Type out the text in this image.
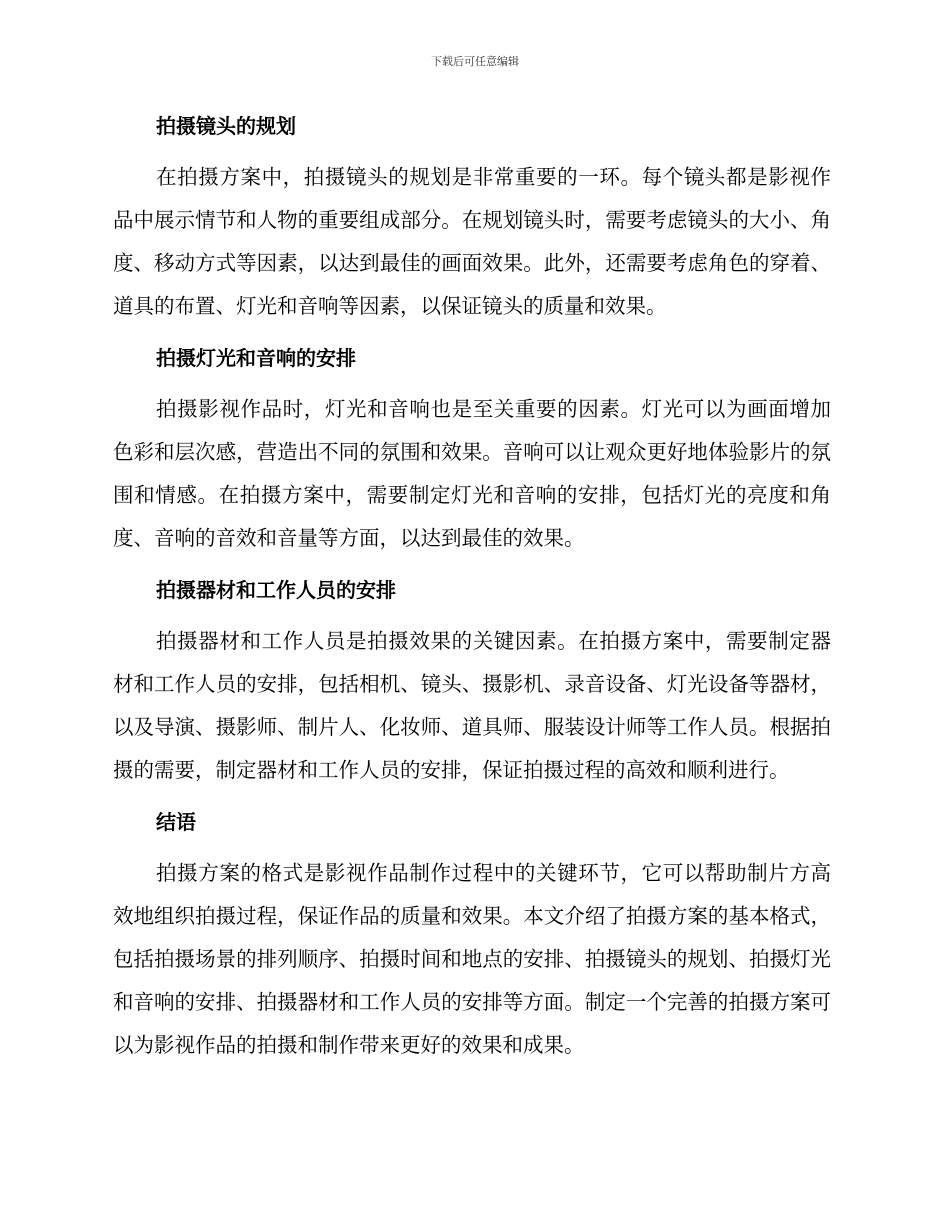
下载后可任意编辑
拍摄镜头的规划

在拍摄方案中，拍摄镜头的规划是非常重要的一环。每个镜头都是影视作品中展示情节和人物的重要组成部分。在规划镜头时，需要考虑镜头的大小、角度、移动方式等因素，以达到最佳的画面效果。此外，还需要考虑角色的穿着、道具的布置、灯光和音响等因素，以保证镜头的质量和效果。

拍摄灯光和音响的安排

拍摄影视作品时，灯光和音响也是至关重要的因素。灯光可以为画面增加色彩和层次感，营造出不同的氛围和效果。音响可以让观众更好地体验影片的氛围和情感。在拍摄方案中，需要制定灯光和音响的安排，包括灯光的亮度和角度、音响的音效和音量等方面，以达到最佳的效果。

拍摄器材和工作人员的安排

拍摄器材和工作人员是拍摄效果的关键因素。在拍摄方案中，需要制定器材和工作人员的安排，包括相机、镜头、摄影机、录音设备、灯光设备等器材，以及导演、摄影师、制片人、化妆师、道具师、服装设计师等工作人员。根据拍摄的需要，制定器材和工作人员的安排，保证拍摄过程的高效和顺利进行。

结语

拍摄方案的格式是影视作品制作过程中的关键环节，它可以帮助制片方高效地组织拍摄过程，保证作品的质量和效果。本文介绍了拍摄方案的基本格式，包括拍摄场景的排列顺序、拍摄时间和地点的安排、拍摄镜头的规划、拍摄灯光和音响的安排、拍摄器材和工作人员的安排等方面。制定一个完善的拍摄方案可以为影视作品的拍摄和制作带来更好的效果和成果。
